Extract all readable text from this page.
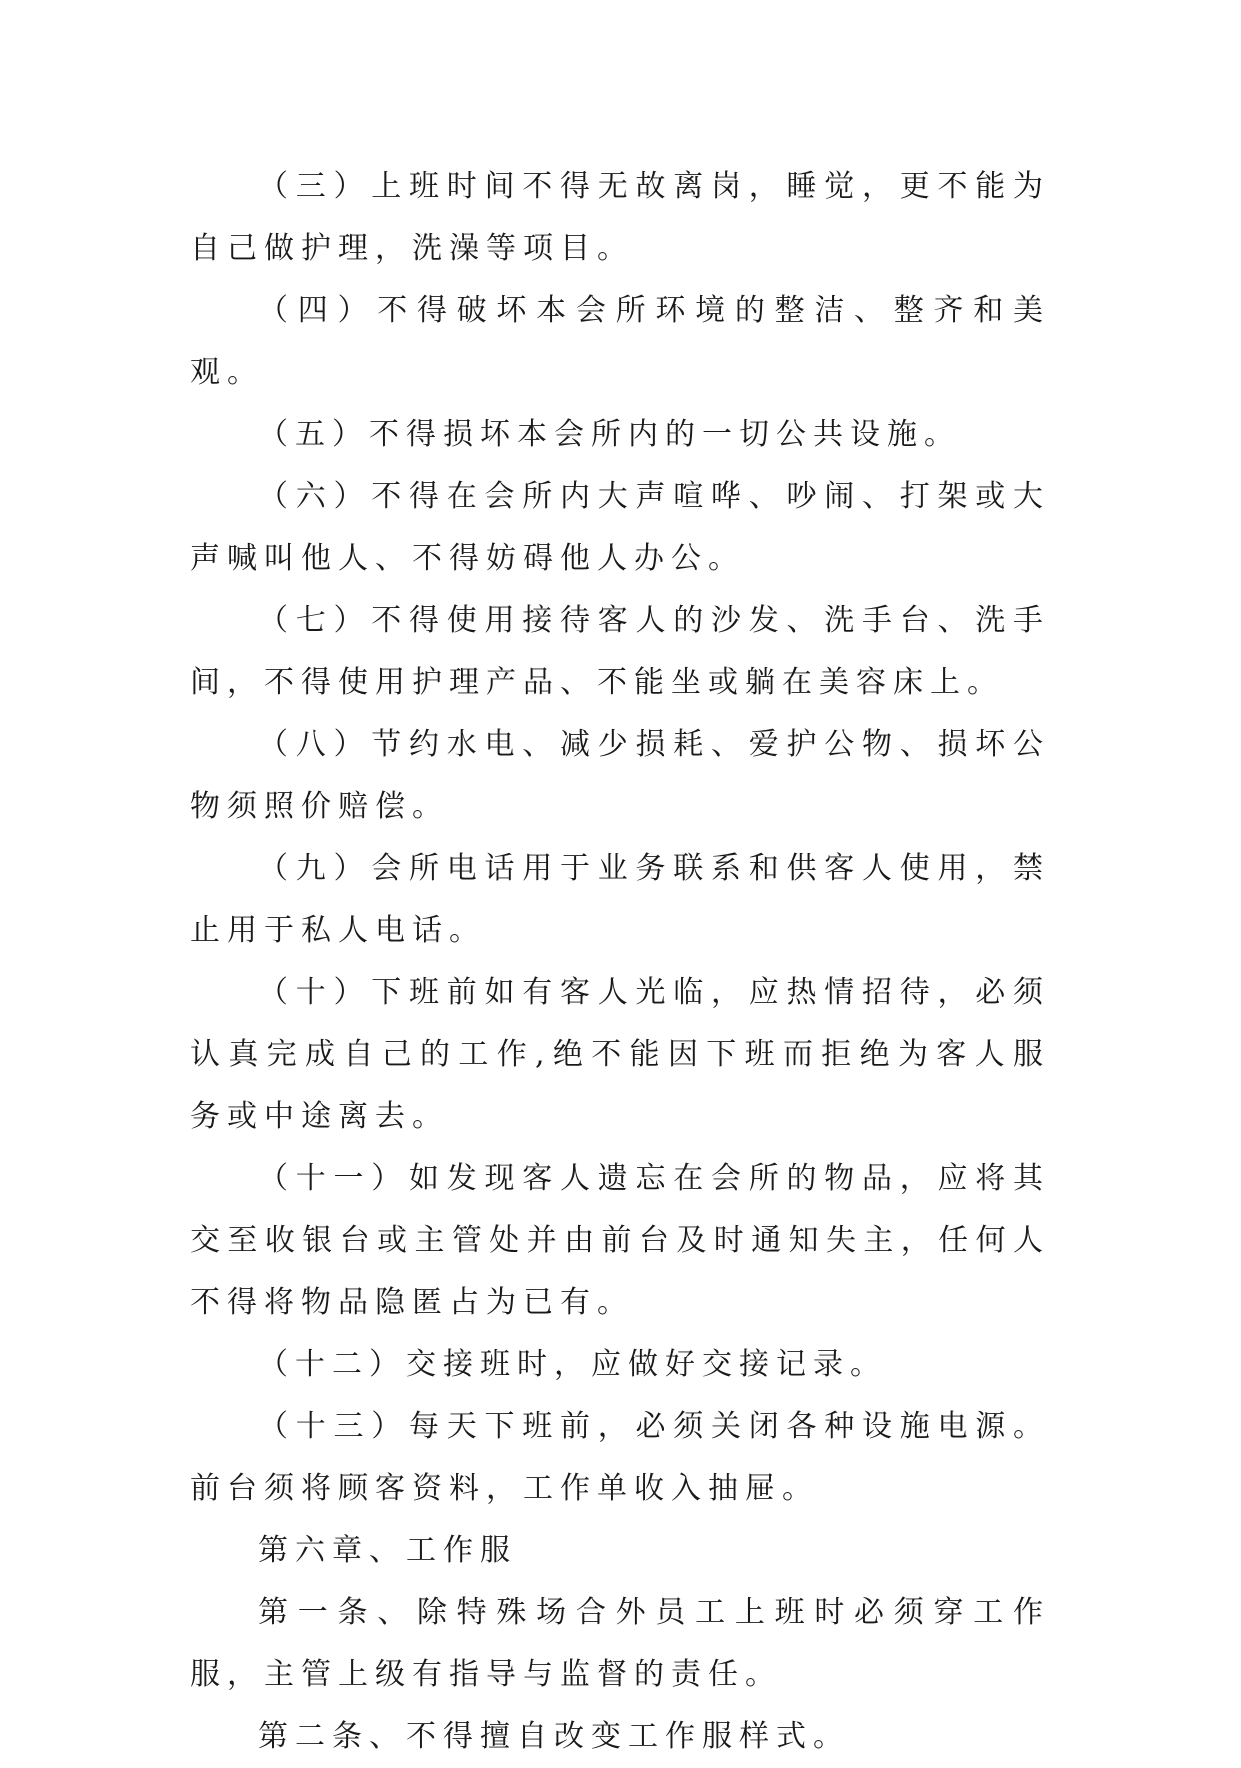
（三）上班时间不得无故离岗，睡觉，更不能为自己做护理，洗澡等项目。

（四）不得破坏本会所环境的整洁、整齐和美观。

（五）不得损坏本会所内的一切公共设施。

（六）不得在会所内大声喧哗、吵闹、打架或大声喊叫他人、不得妨碍他人办公。

（七）不得使用接待客人的沙发、洗手台、洗手间，不得使用护理产品、不能坐或躺在美容床上。

（八）节约水电、减少损耗、爱护公物、损坏公物须照价赔偿。

（九）会所电话用于业务联系和供客人使用，禁止用于私人电话。

（十）下班前如有客人光临，应热情招待，必须认真完成自己的工作,绝不能因下班而拒绝为客人服务或中途离去。

（十一）如发现客人遗忘在会所的物品，应将其交至收银台或主管处并由前台及时通知失主，任何人不得将物品隐匿占为已有。

（十二）交接班时，应做好交接记录。

（十三）每天下班前，必须关闭各种设施电源。前台须将顾客资料，工作单收入抽屉。

第六章、工作服

第一条、除特殊场合外员工上班时必须穿工作服，主管上级有指导与监督的责任。

第二条、不得擅自改变工作服样式。
